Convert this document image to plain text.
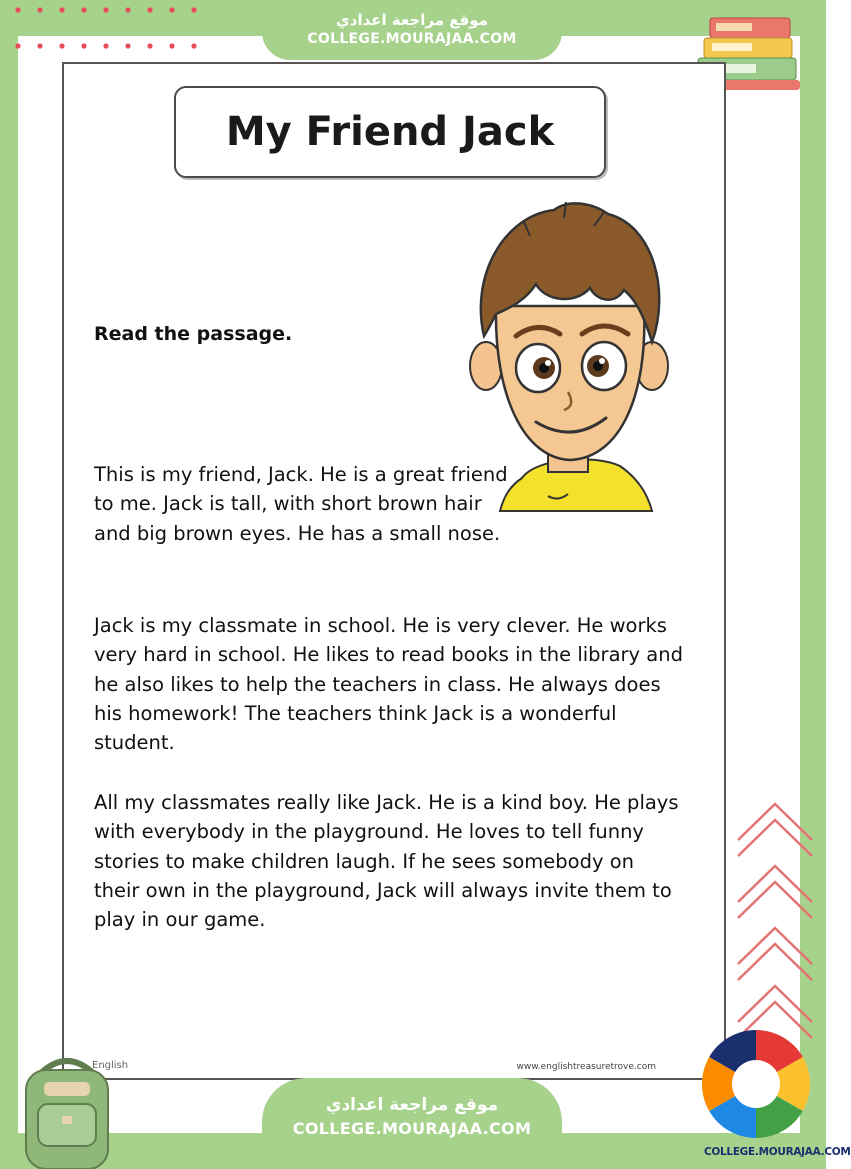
موقع مراجعة اعدادي
COLLEGE.MOURAJAA.COM
My Friend Jack
Read the passage.
This is my friend, Jack. He is a great friend to me. Jack is tall, with short brown hair and big brown eyes. He has a small nose.
Jack is my classmate in school. He is very clever. He works very hard in school. He likes to read books in the library and he also likes to help the teachers in class. He always does his homework! The teachers think Jack is a wonderful student.
All my classmates really like Jack. He is a kind boy. He plays with everybody in the playground. He loves to tell funny stories to make children laugh. If he sees somebody on their own in the playground, Jack will always invite them to play in our game.
English	www.englishtreasuretrove.com
موقع مراجعة اعدادي
COLLEGE.MOURAJAA.COM
COLLEGE.MOURAJAA.COM
